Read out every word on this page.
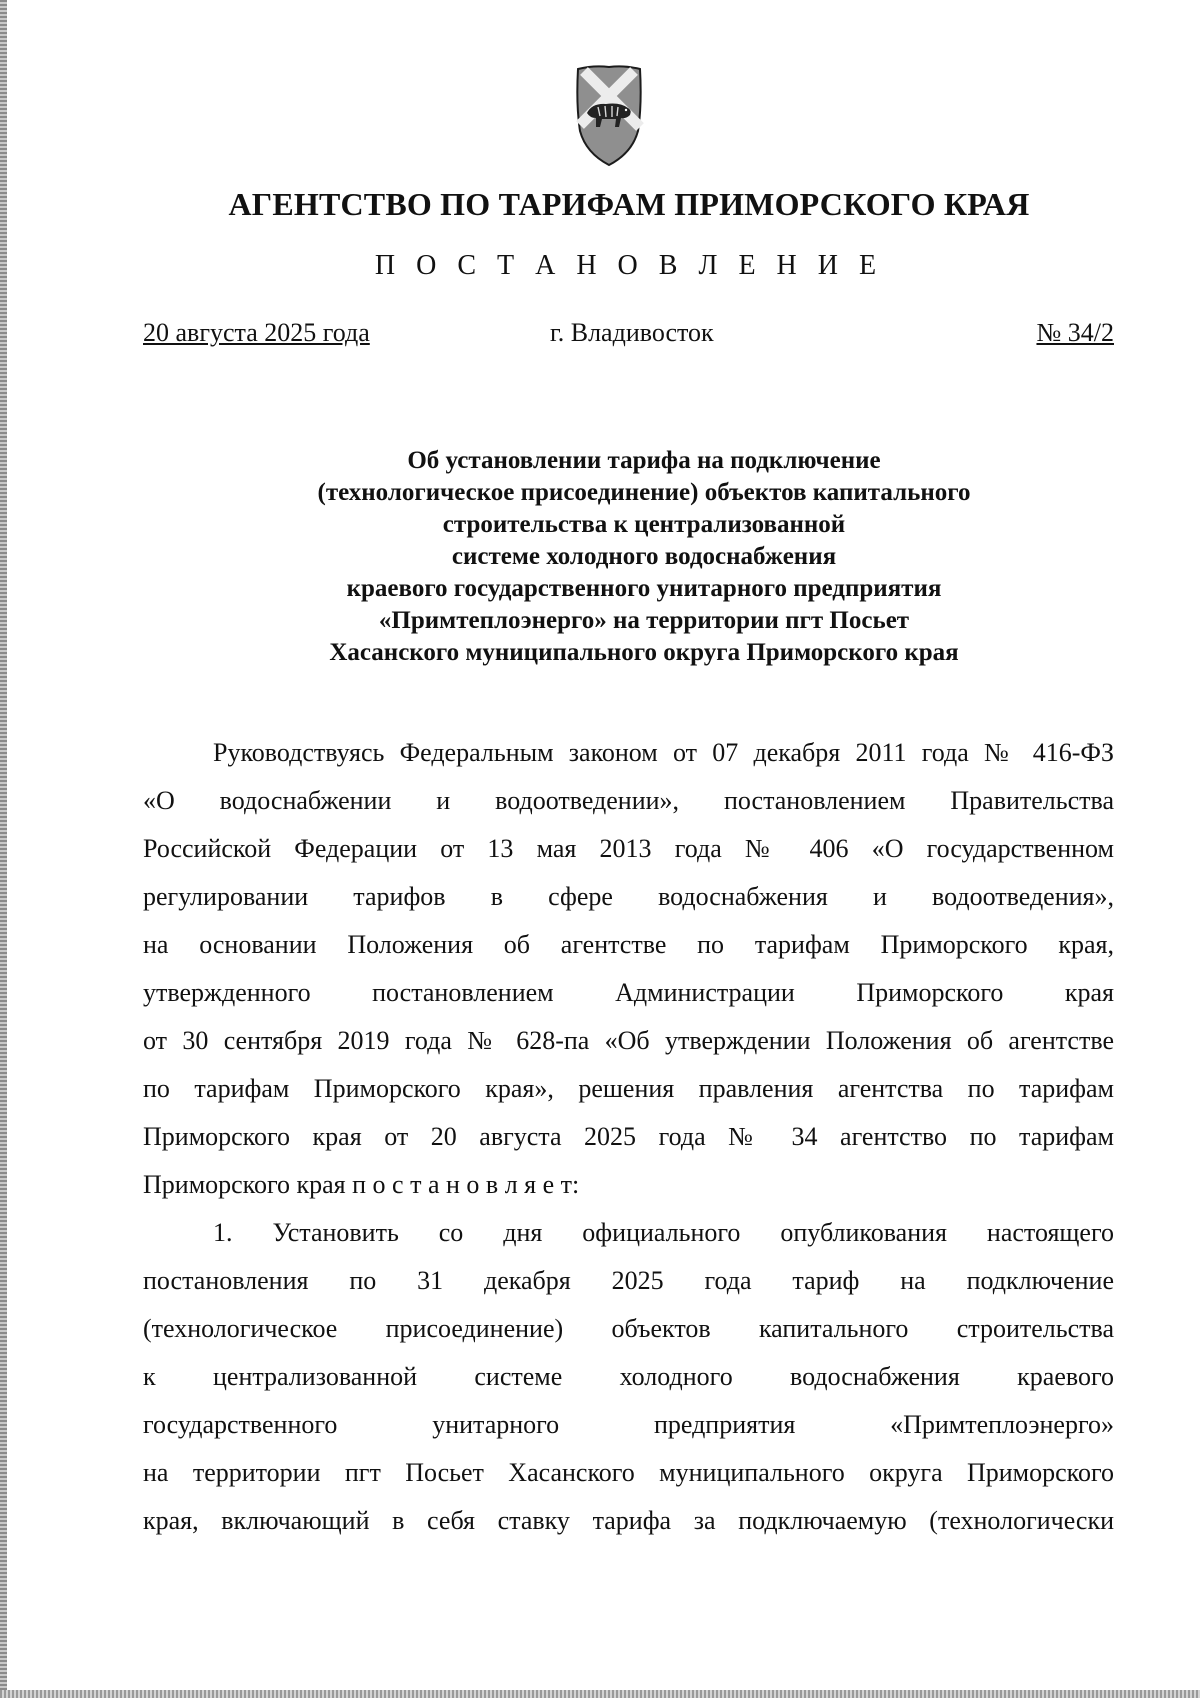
АГЕНТСТВО ПО ТАРИФАМ ПРИМОРСКОГО КРАЯ
П О С Т А Н О В Л Е Н И Е
20 августа 2025 года	г. Владивосток	№ 34/2
Об установлении тарифа на подключение
(технологическое присоединение) объектов капитального
строительства к централизованной
системе холодного водоснабжения
краевого государственного унитарного предприятия
«Примтеплоэнерго» на территории пгт Посьет
Хасанского муниципального округа Приморского края
Руководствуясь Федеральным законом от 07 декабря 2011 года № 416-ФЗ
«О водоснабжении и водоотведении», постановлением Правительства
Российской Федерации от 13 мая 2013 года № 406 «О государственном
регулировании тарифов в сфере водоснабжения и водоотведения»,
на основании Положения об агентстве по тарифам Приморского края,
утвержденного постановлением Администрации Приморского края
от 30 сентября 2019 года № 628-па «Об утверждении Положения об агентстве
по тарифам Приморского края», решения правления агентства по тарифам
Приморского края от 20 августа 2025 года № 34 агентство по тарифам
Приморского края п о с т а н о в л я е т:
1. Установить со дня официального опубликования настоящего
постановления по 31 декабря 2025 года тариф на подключение
(технологическое присоединение) объектов капитального строительства
к централизованной системе холодного водоснабжения краевого
государственного унитарного предприятия «Примтеплоэнерго»
на территории пгт Посьет Хасанского муниципального округа Приморского
края, включающий в себя ставку тарифа за подключаемую (технологически
